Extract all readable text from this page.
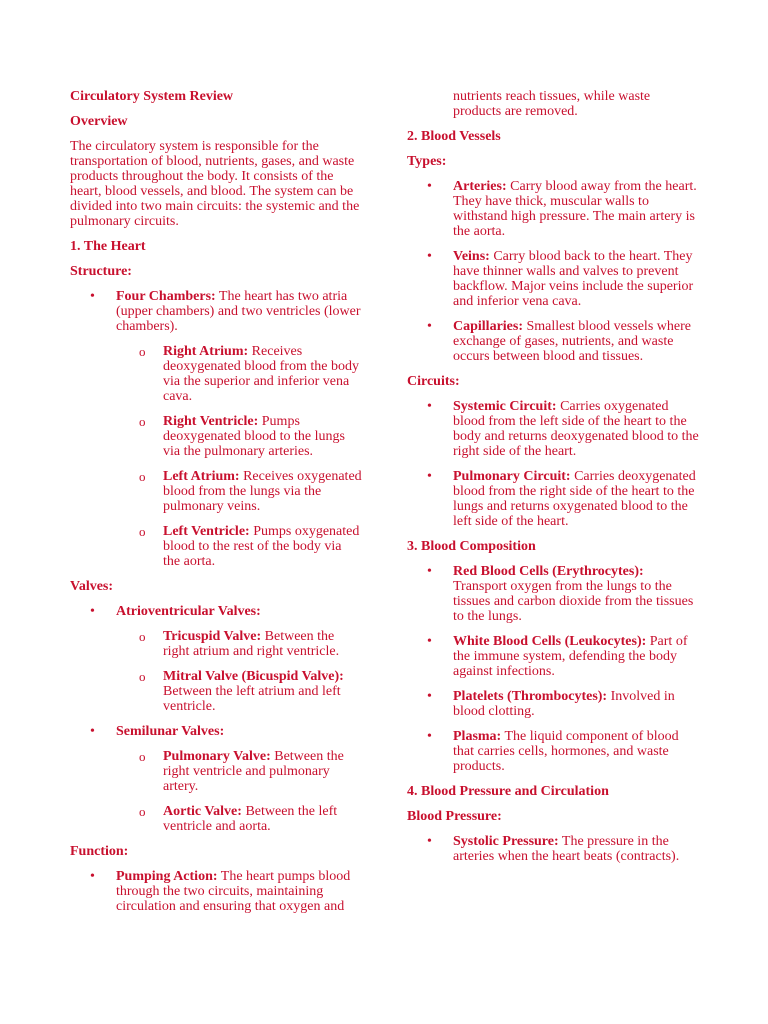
Circulatory System Review
Overview
The circulatory system is responsible for the transportation of blood, nutrients, gases, and waste products throughout the body. It consists of the heart, blood vessels, and blood. The system can be divided into two main circuits: the systemic and the pulmonary circuits.
1. The Heart
Structure:
• Four Chambers: The heart has two atria (upper chambers) and two ventricles (lower chambers).
o Right Atrium: Receives deoxygenated blood from the body via the superior and inferior vena cava.
o Right Ventricle: Pumps deoxygenated blood to the lungs via the pulmonary arteries.
o Left Atrium: Receives oxygenated blood from the lungs via the pulmonary veins.
o Left Ventricle: Pumps oxygenated blood to the rest of the body via the aorta.
Valves:
• Atrioventricular Valves:
o Tricuspid Valve: Between the right atrium and right ventricle.
o Mitral Valve (Bicuspid Valve): Between the left atrium and left ventricle.
• Semilunar Valves:
o Pulmonary Valve: Between the right ventricle and pulmonary artery.
o Aortic Valve: Between the left ventricle and aorta.
Function:
• Pumping Action: The heart pumps blood through the two circuits, maintaining circulation and ensuring that oxygen and
nutrients reach tissues, while waste products are removed.
2. Blood Vessels
Types:
• Arteries: Carry blood away from the heart. They have thick, muscular walls to withstand high pressure. The main artery is the aorta.
• Veins: Carry blood back to the heart. They have thinner walls and valves to prevent backflow. Major veins include the superior and inferior vena cava.
• Capillaries: Smallest blood vessels where exchange of gases, nutrients, and waste occurs between blood and tissues.
Circuits:
• Systemic Circuit: Carries oxygenated blood from the left side of the heart to the body and returns deoxygenated blood to the right side of the heart.
• Pulmonary Circuit: Carries deoxygenated blood from the right side of the heart to the lungs and returns oxygenated blood to the left side of the heart.
3. Blood Composition
• Red Blood Cells (Erythrocytes): Transport oxygen from the lungs to the tissues and carbon dioxide from the tissues to the lungs.
• White Blood Cells (Leukocytes): Part of the immune system, defending the body against infections.
• Platelets (Thrombocytes): Involved in blood clotting.
• Plasma: The liquid component of blood that carries cells, hormones, and waste products.
4. Blood Pressure and Circulation
Blood Pressure:
• Systolic Pressure: The pressure in the arteries when the heart beats (contracts).
